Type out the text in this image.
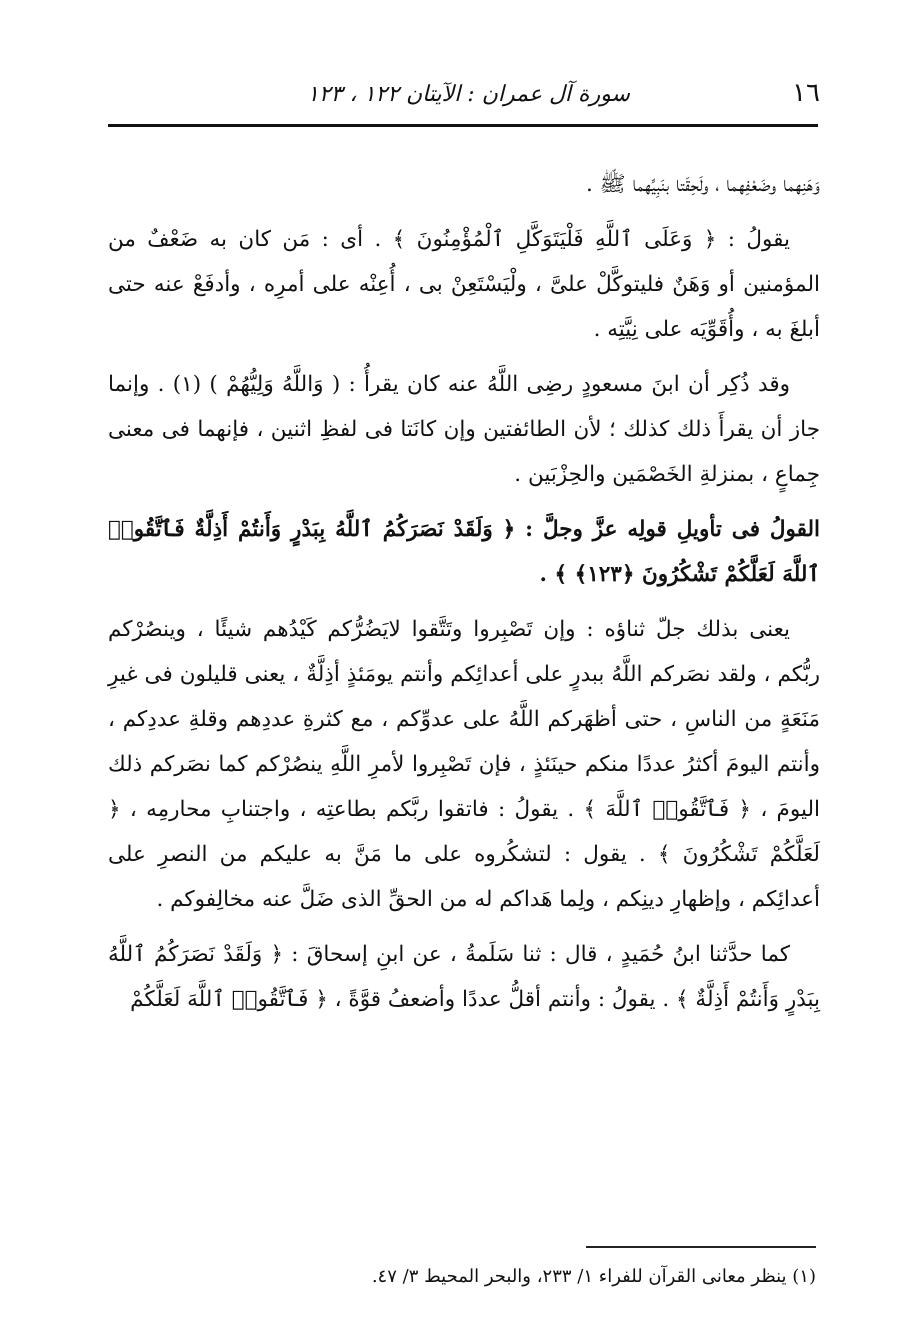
١٦
سورة آل عمران : الآيتان ١٢٢ ، ١٢٣

وَهَنِهما وضَعْفِهما ، ولَحِقَتا بنَبِيِّهما ﷺ .

يقولُ : ﴿ وَعَلَى ٱللَّهِ فَلْيَتَوَكَّلِ ٱلْمُؤْمِنُونَ ﴾ . أى : مَن كان به ضَعْفٌ من المؤمنين أو وَهَنٌ فليتوكَّلْ علىَّ ، ولْيَسْتَعِنْ بى ، أُعِنْه على أمرِه ، وأدفَعْ عنه حتى أبلغَ به ، وأُقَوِّيَه على نِيَّتِه .

وقد ذُكِر أن ابنَ مسعودٍ رضِى اللَّهُ عنه كان يقرأُ : ( وَاللَّهُ وَلِيُّهُمْ ) (١) . وإنما جاز أن يقرأَ ذلك كذلك ؛ لأن الطائفتين وإن كانَتا فى لفظِ اثنين ، فإنهما فى معنى جِماعٍ ، بمنزلةِ الخَصْمَين والحِزْبَين .

القولُ فى تأويلِ قولِه عزَّ وجلَّ : ﴿ وَلَقَدْ نَصَرَكُمُ ٱللَّهُ بِبَدْرٍ وَأَنتُمْ أَذِلَّةٌ فَٱتَّقُوا۟ ٱللَّهَ لَعَلَّكُمْ تَشْكُرُونَ ﴿١٢٣﴾ ﴾ .

يعنى بذلك جلّ ثناؤه : وإن تَصْبِروا وتَتَّقوا لايَضُرُّكم كَيْدُهم شيئًا ، وينصُرْكم ربُّكم ، ولقد نصَركم اللَّهُ ببدرٍ على أعدائِكم وأنتم يومَئذٍ أذِلَّةٌ ، يعنى قليلون فى غيرِ مَنَعَةٍ من الناسِ ، حتى أظهَركم اللَّهُ على عدوِّكم ، مع كثرةِ عددِهم وقلةِ عددِكم ، وأنتم اليومَ أكثرُ عددًا منكم حينَئذٍ ، فإن تَصْبِروا لأمرِ اللَّهِ ينصُرْكم كما نصَركم ذلك اليومَ ، ﴿ فَٱتَّقُوا۟ ٱللَّهَ ﴾ . يقولُ : فاتقوا ربَّكم بطاعتِه ، واجتنابِ محارمِه ، ﴿ لَعَلَّكُمْ تَشْكُرُونَ ﴾ . يقول : لتشكُروه على ما مَنَّ به عليكم من النصرِ على أعدائِكم ، وإظهارِ دينِكم ، ولِما هَداكم له من الحقِّ الذى ضَلَّ عنه مخالِفوكم .

كما حدَّثنا ابنُ حُمَيدٍ ، قال : ثنا سَلَمةُ ، عن ابنِ إسحاقَ : ﴿ وَلَقَدْ نَصَرَكُمُ ٱللَّهُ بِبَدْرٍ وَأَنتُمْ أَذِلَّةٌ ﴾ . يقولُ : وأنتم أقلُّ عددًا وأضعفُ قوَّةً ، ﴿ فَٱتَّقُوا۟ ٱللَّهَ لَعَلَّكُمْ

(١) ينظر معانى القرآن للفراء ١/ ٢٣٣، والبحر المحيط ٣/ ٤٧.
